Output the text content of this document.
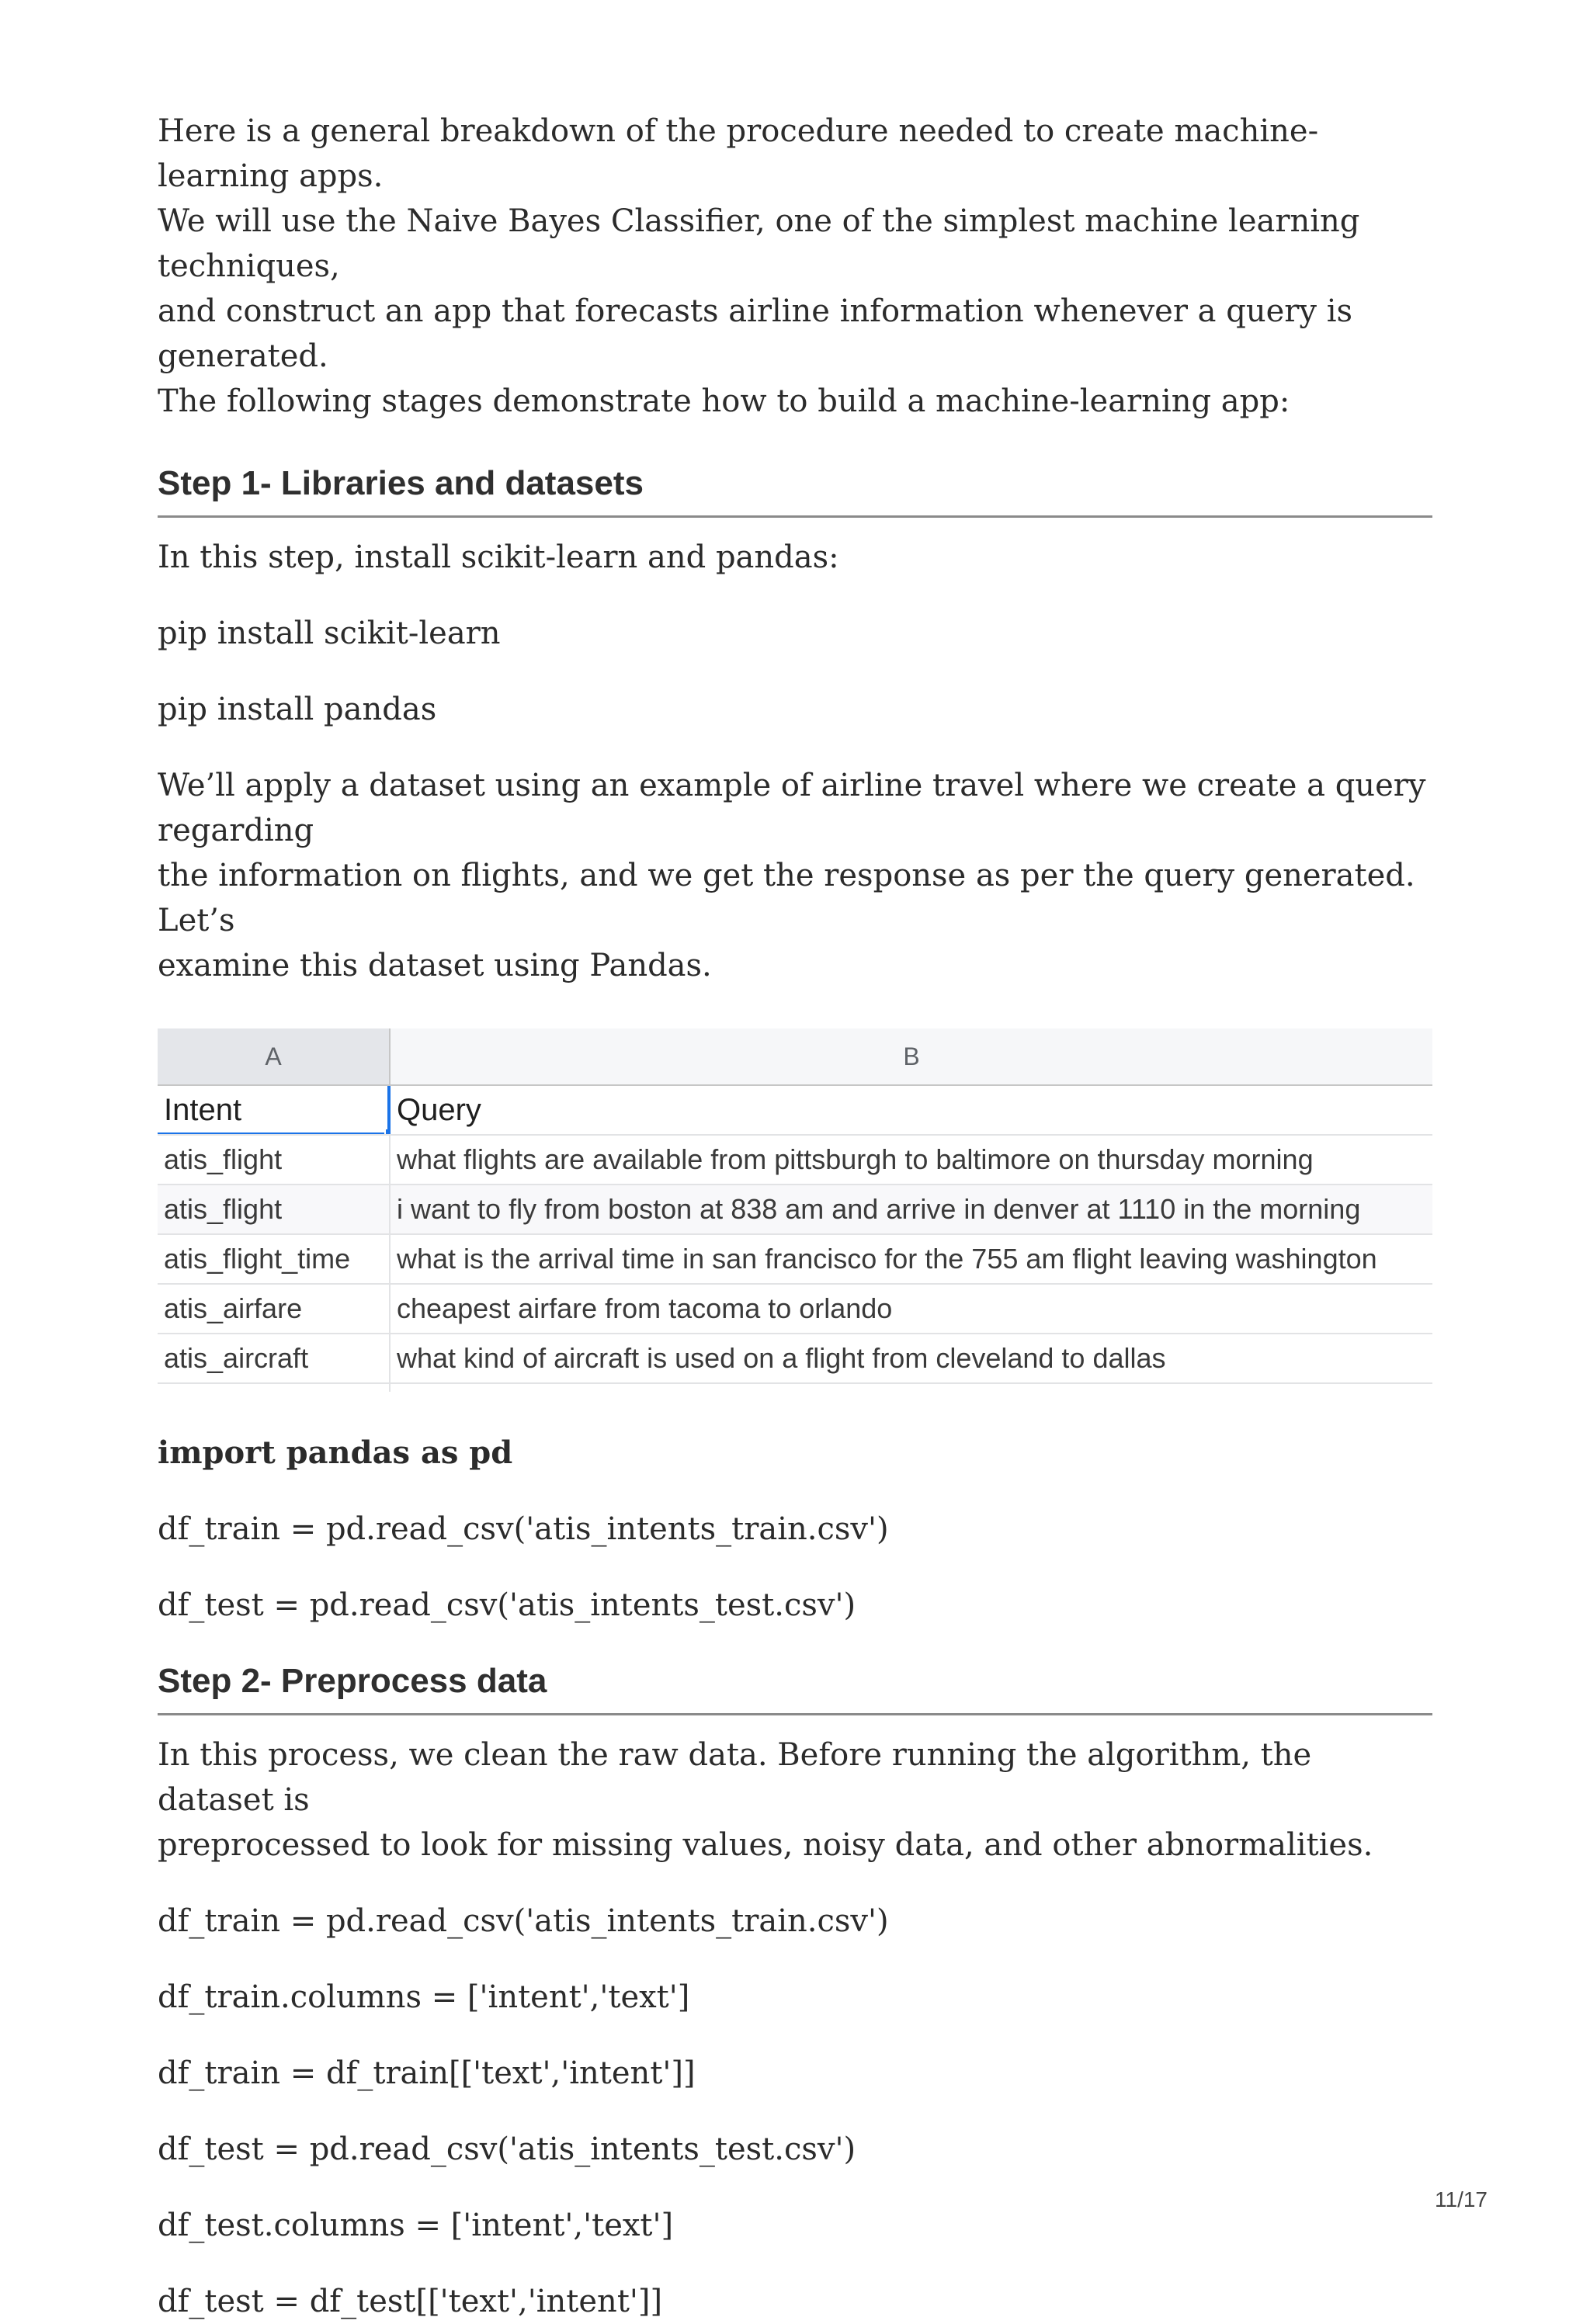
Here is a general breakdown of the procedure needed to create machine-learning apps.

We will use the Naive Bayes Classifier, one of the simplest machine learning techniques,

and construct an app that forecasts airline information whenever a query is generated.

The following stages demonstrate how to build a machine-learning app:

Step 1- Libraries and datasets

In this step, install scikit-learn and pandas:

pip install scikit-learn

pip install pandas

We’ll apply a dataset using an example of airline travel where we create a query regarding

the information on flights, and we get the response as per the query generated. Let’s

examine this dataset using Pandas.

A	B
Intent	Query
atis_flight	what flights are available from pittsburgh to baltimore on thursday morning
atis_flight	i want to fly from boston at 838 am and arrive in denver at 1110 in the morning
atis_flight_time	what is the arrival time in san francisco for the 755 am flight leaving washington
atis_airfare	cheapest airfare from tacoma to orlando
atis_aircraft	what kind of aircraft is used on a flight from cleveland to dallas

import pandas as pd

df_train = pd.read_csv('atis_intents_train.csv')

df_test = pd.read_csv('atis_intents_test.csv')

Step 2- Preprocess data

In this process, we clean the raw data. Before running the algorithm, the dataset is

preprocessed to look for missing values, noisy data, and other abnormalities.

df_train = pd.read_csv('atis_intents_train.csv')

df_train.columns = ['intent','text']

df_train = df_train[['text','intent']]

df_test = pd.read_csv('atis_intents_test.csv')

df_test.columns = ['intent','text']

df_test = df_test[['text','intent']]

11/17
